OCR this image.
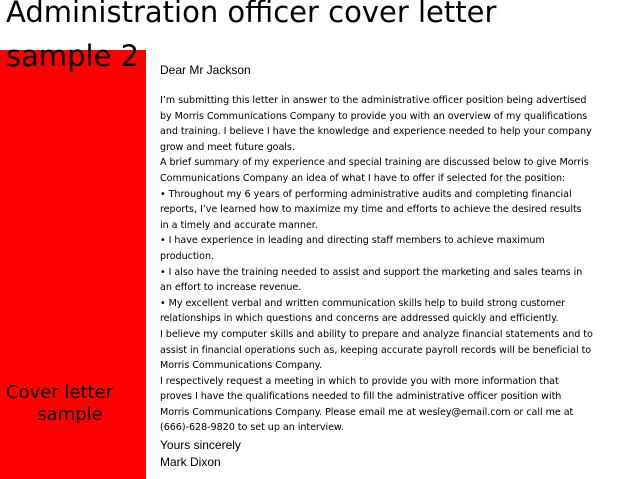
Administration officer cover letter
sample 2
Cover letter
sample

Dear Mr Jackson

I’m submitting this letter in answer to the administrative officer position being advertised
by Morris Communications Company to provide you with an overview of my qualifications
and training. I believe I have the knowledge and experience needed to help your company
grow and meet future goals.
A brief summary of my experience and special training are discussed below to give Morris
Communications Company an idea of what I have to offer if selected for the position:
• Throughout my 6 years of performing administrative audits and completing financial
reports, I’ve learned how to maximize my time and efforts to achieve the desired results
in a timely and accurate manner.
• I have experience in leading and directing staff members to achieve maximum
production.
• I also have the training needed to assist and support the marketing and sales teams in
an effort to increase revenue.
• My excellent verbal and written communication skills help to build strong customer
relationships in which questions and concerns are addressed quickly and efficiently.
I believe my computer skills and ability to prepare and analyze financial statements and to
assist in financial operations such as, keeping accurate payroll records will be beneficial to
Morris Communications Company.
I respectively request a meeting in which to provide you with more information that
proves I have the qualifications needed to fill the administrative officer position with
Morris Communications Company. Please email me at wesley@email.com or call me at
(666)-628-9820 to set up an interview.

Yours sincerely

Mark Dixon
